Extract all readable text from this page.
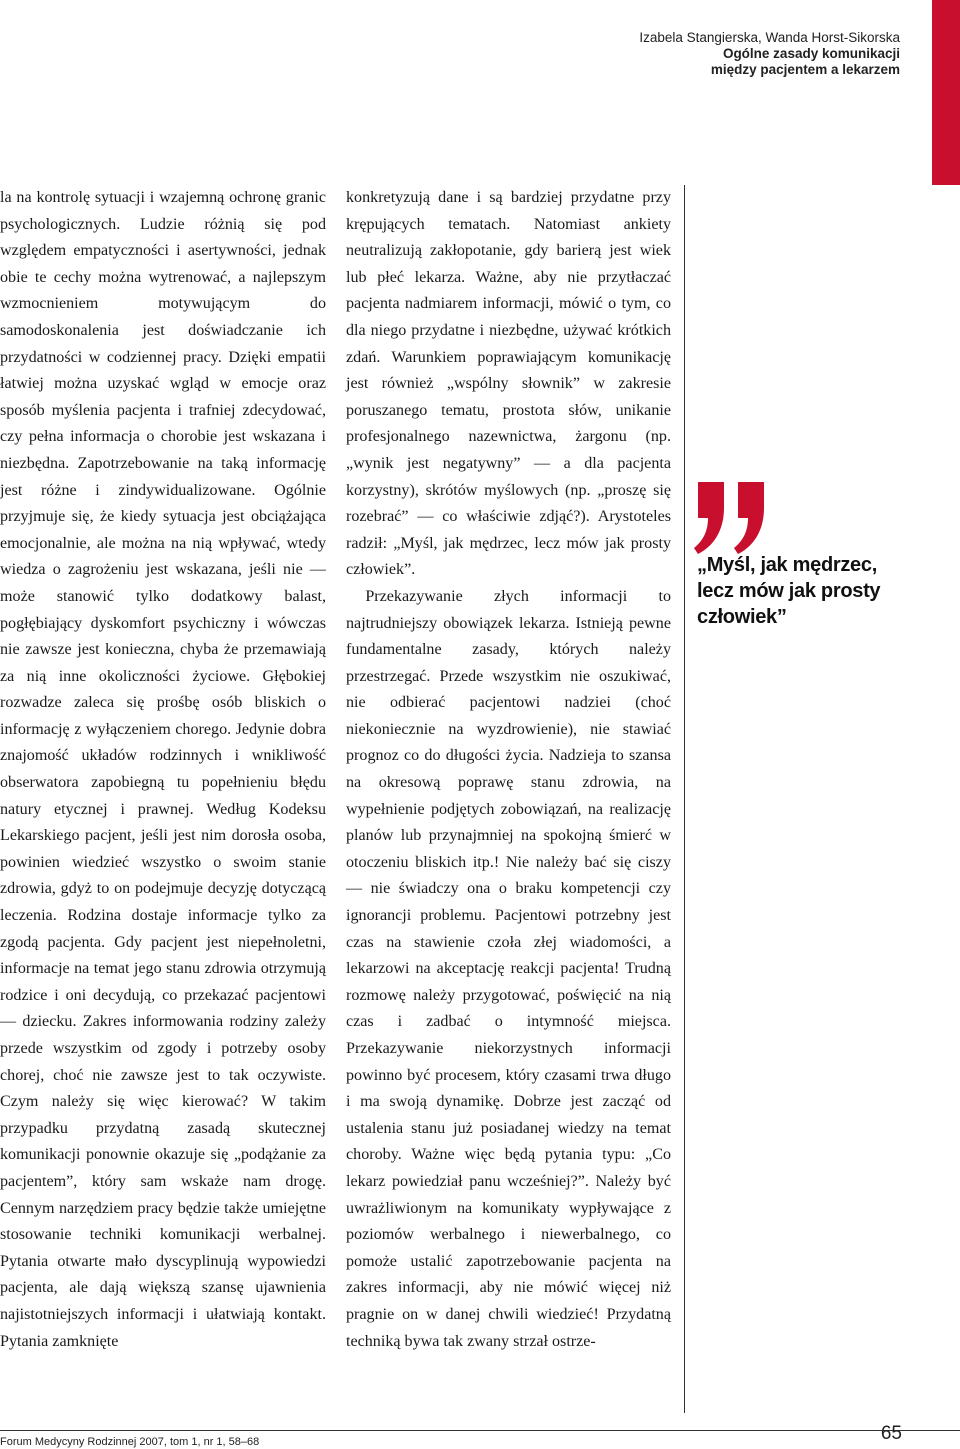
Izabela Stangierska, Wanda Horst-Sikorska
Ogólne zasady komunikacji
między pacjentem a lekarzem

la na kontrolę sytuacji i wzajemną ochronę granic psychologicznych. Ludzie różnią się pod względem empatyczności i asertywności, jednak obie te cechy można wytrenować, a najlepszym wzmocnieniem motywującym do samodoskonalenia jest doświadczanie ich przydatności w codziennej pracy. Dzięki empatii łatwiej można uzyskać wgląd w emocje oraz sposób myślenia pacjenta i trafniej zdecydować, czy pełna informacja o chorobie jest wskazana i niezbędna. Zapotrzebowanie na taką informację jest różne i zindywidualizowane. Ogólnie przyjmuje się, że kiedy sytuacja jest obciążająca emocjonalnie, ale można na nią wpływać, wtedy wiedza o zagrożeniu jest wskazana, jeśli nie — może stanowić tylko dodatkowy balast, pogłębiający dyskomfort psychiczny i wówczas nie zawsze jest konieczna, chyba że przemawiają za nią inne okoliczności życiowe. Głębokiej rozwadze zaleca się prośbę osób bliskich o informację z wyłączeniem chorego. Jedynie dobra znajomość układów rodzinnych i wnikliwość obserwatora zapobiegną tu popełnieniu błędu natury etycznej i prawnej. Według Kodeksu Lekarskiego pacjent, jeśli jest nim dorosła osoba, powinien wiedzieć wszystko o swoim stanie zdrowia, gdyż to on podejmuje decyzję dotyczącą leczenia. Rodzina dostaje informacje tylko za zgodą pacjenta. Gdy pacjent jest niepełnoletni, informacje na temat jego stanu zdrowia otrzymują rodzice i oni decydują, co przekazać pacjentowi — dziecku. Zakres informowania rodziny zależy przede wszystkim od zgody i potrzeby osoby chorej, choć nie zawsze jest to tak oczywiste. Czym należy się więc kierować? W takim przypadku przydatną zasadą skutecznej komunikacji ponownie okazuje się „podążanie za pacjentem”, który sam wskaże nam drogę. Cennym narzędziem pracy będzie także umiejętne stosowanie techniki komunikacji werbalnej. Pytania otwarte mało dyscyplinują wypowiedzi pacjenta, ale dają większą szansę ujawnienia najistotniejszych informacji i ułatwiają kontakt. Pytania zamknięte

konkretyzują dane i są bardziej przydatne przy krępujących tematach. Natomiast ankiety neutralizują zakłopotanie, gdy barierą jest wiek lub płeć lekarza. Ważne, aby nie przytłaczać pacjenta nadmiarem informacji, mówić o tym, co dla niego przydatne i niezbędne, używać krótkich zdań. Warunkiem poprawiającym komunikację jest również „wspólny słownik” w zakresie poruszanego tematu, prostota słów, unikanie profesjonalnego nazewnictwa, żargonu (np. „wynik jest negatywny” — a dla pacjenta korzystny), skrótów myślowych (np. „proszę się rozebrać” — co właściwie zdjąć?). Arystoteles radził: „Myśl, jak mędrzec, lecz mów jak prosty człowiek”.

Przekazywanie złych informacji to najtrudniejszy obowiązek lekarza. Istnieją pewne fundamentalne zasady, których należy przestrzegać. Przede wszystkim nie oszukiwać, nie odbierać pacjentowi nadziei (choć niekoniecznie na wyzdrowienie), nie stawiać prognoz co do długości życia. Nadzieja to szansa na okresową poprawę stanu zdrowia, na wypełnienie podjętych zobowiązań, na realizację planów lub przynajmniej na spokojną śmierć w otoczeniu bliskich itp.! Nie należy bać się ciszy — nie świadczy ona o braku kompetencji czy ignorancji problemu. Pacjentowi potrzebny jest czas na stawienie czoła złej wiadomości, a lekarzowi na akceptację reakcji pacjenta! Trudną rozmowę należy przygotować, poświęcić na nią czas i zadbać o intymność miejsca. Przekazywanie niekorzystnych informacji powinno być procesem, który czasami trwa długo i ma swoją dynamikę. Dobrze jest zacząć od ustalenia stanu już posiadanej wiedzy na temat choroby. Ważne więc będą pytania typu: „Co lekarz powiedział panu wcześniej?”. Należy być uwrażliwionym na komunikaty wypływające z poziomów werbalnego i niewerbalnego, co pomoże ustalić zapotrzebowanie pacjenta na zakres informacji, aby nie mówić więcej niż pragnie on w danej chwili wiedzieć! Przydatną techniką bywa tak zwany strzał ostrze-

„Myśl, jak mędrzec,
lecz mów jak prosty
człowiek”
Forum Medycyny Rodzinnej 2007, tom 1, nr 1, 58–68	65
